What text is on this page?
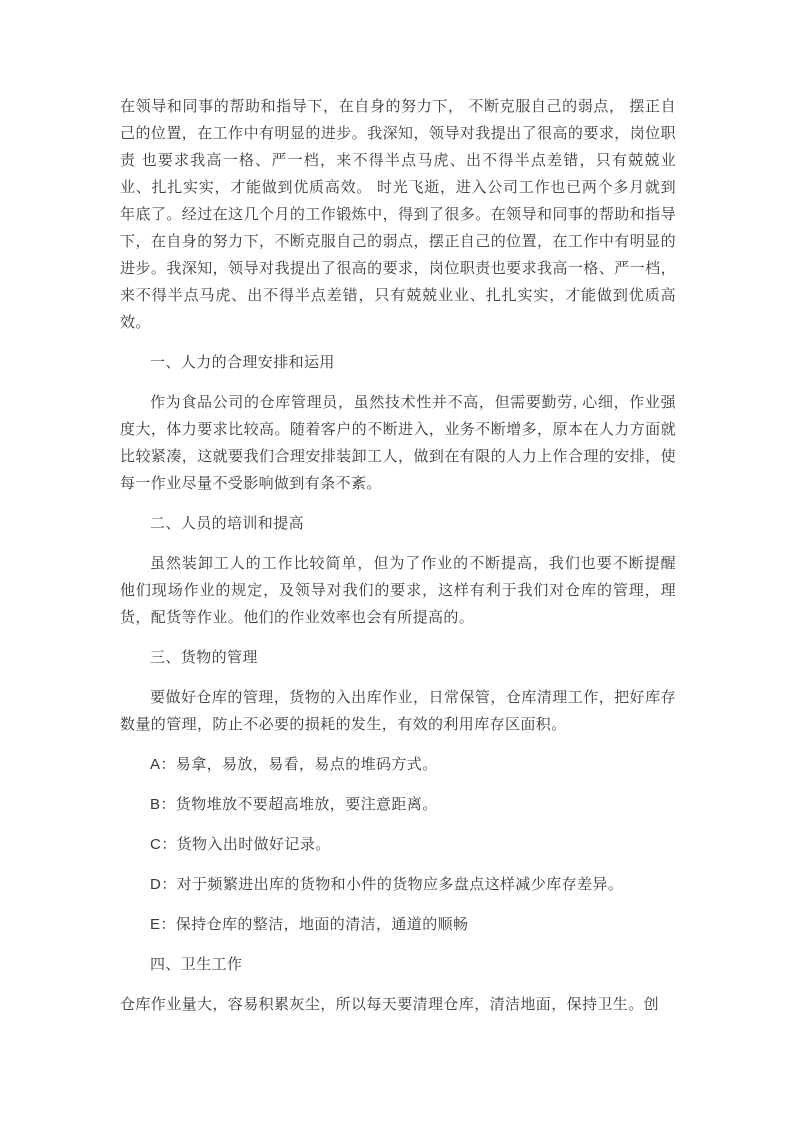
在领导和同事的帮助和指导下，在自身的努力下， 不断克服自己的弱点， 摆正自己的位置，在工作中有明显的进步。我深知，领导对我提出了很高的要求，岗位职责 也要求我高一格、严一档，来不得半点马虎、出不得半点差错，只有兢兢业业、扎扎实实，才能做到优质高效。 时光飞逝，进入公司工作也已两个多月就到年底了。经过在这几个月的工作锻炼中，得到了很多。在领导和同事的帮助和指导下，在自身的努力下，不断克服自己的弱点，摆正自己的位置，在工作中有明显的进步。我深知，领导对我提出了很高的要求，岗位职责也要求我高一格、严一档，来不得半点马虎、出不得半点差错，只有兢兢业业、扎扎实实，才能做到优质高效。

一、人力的合理安排和运用

作为食品公司的仓库管理员，虽然技术性并不高，但需要勤劳, 心细，作业强度大，体力要求比较高。随着客户的不断进入，业务不断增多，原本在人力方面就比较紧凑，这就要我们合理安排装卸工人，做到在有限的人力上作合理的安排，使每一作业尽量不受影响做到有条不紊。

二、人员的培训和提高

虽然装卸工人的工作比较简单，但为了作业的不断提高，我们也要不断提醒 他们现场作业的规定，及领导对我们的要求，这样有利于我们对仓库的管理，理货，配货等作业。他们的作业效率也会有所提高的。

三、货物的管理

要做好仓库的管理，货物的入出库作业，日常保管，仓库清理工作，把好库存数量的管理，防止不必要的损耗的发生，有效的利用库存区面积。

A：易拿，易放，易看，易点的堆码方式。

B：货物堆放不要超高堆放，要注意距离。

C：货物入出时做好记录。

D：对于频繁进出库的货物和小件的货物应多盘点这样减少库存差异。

E：保持仓库的整洁，地面的清洁，通道的顺畅

四、卫生工作

仓库作业量大，容易积累灰尘，所以每天要清理仓库，清洁地面，保持卫生。创
